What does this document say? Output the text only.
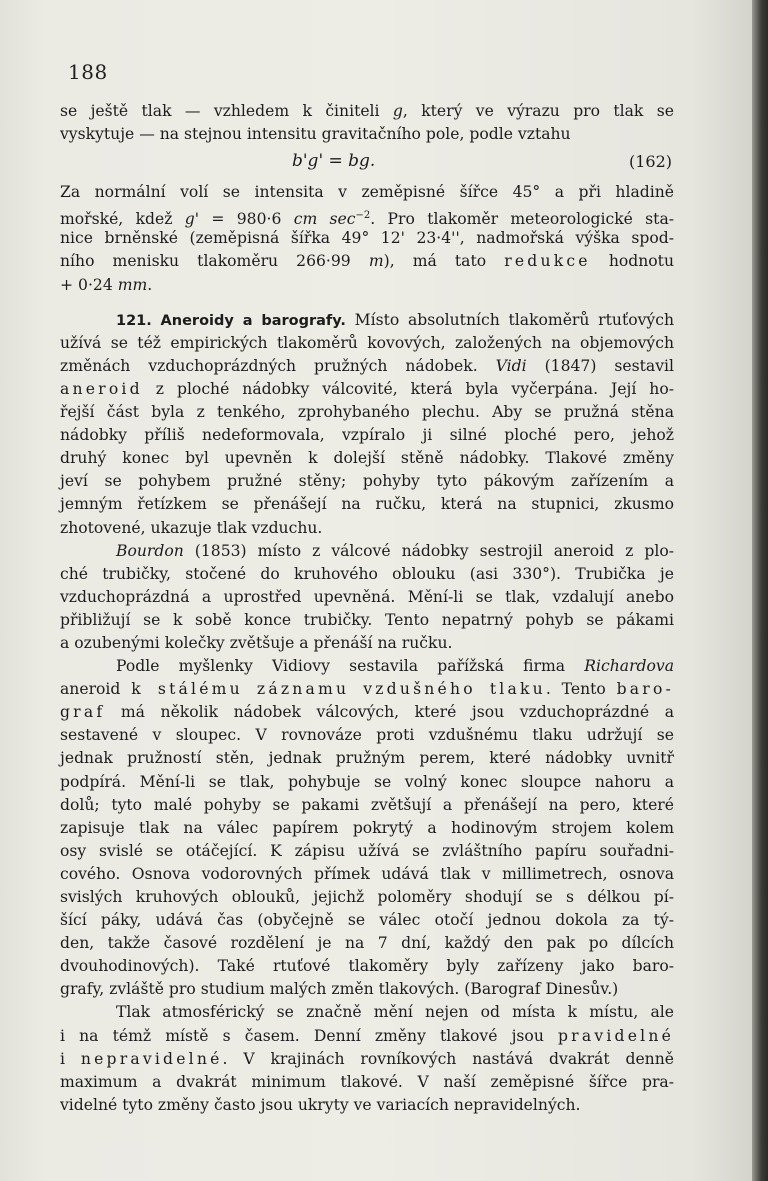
188
se ještě tlak — vzhledem k činiteli g, který ve výrazu pro tlak se
vyskytuje — na stejnou intensitu gravitačního pole, podle vztahu
b'g' = bg.	(162)
Za normální volí se intensita v zeměpisné šířce 45° a při hladině
mořské, kdež g' = 980·6 cm $\sec^{-2}$. Pro tlakoměr meteorologické sta-
nice brněnské (zeměpisná šířka 49° 12' 23·4'', nadmořská výška spod-
ního menisku tlakoměru 266·99 m), má tato redukce hodnotu
+ 0·24 mm.
121. Aneroidy a barografy. Místo absolutních tlakoměrů rtuťových
užívá se též empirických tlakoměrů kovových, založených na objemových
změnách vzduchoprázdných pružných nádobek. Vidi (1847) sestavil
aneroid z ploché nádobky válcovité, která byla vyčerpána. Její ho-
řejší část byla z tenkého, zprohybaného plechu. Aby se pružná stěna
nádobky příliš nedeformovala, vzpíralo ji silné ploché pero, jehož
druhý konec byl upevněn k dolejší stěně nádobky. Tlakové změny
jeví se pohybem pružné stěny; pohyby tyto pákovým zařízením a
jemným řetízkem se přenášejí na ručku, která na stupnici, zkusmo
zhotovené, ukazuje tlak vzduchu.
Bourdon (1853) místo z válcové nádobky sestrojil aneroid z plo-
ché trubičky, stočené do kruhového oblouku (asi 330°). Trubička je
vzduchoprázdná a uprostřed upevněná. Mění-li se tlak, vzdalují anebo
přibližují se k sobě konce trubičky. Tento nepatrný pohyb se pákami
a ozubenými kolečky zvětšuje a přenáší na ručku.
Podle myšlenky Vidiovy sestavila pařížská firma Richardova
aneroid k stálému záznamu vzdušného tlaku. Tento baro-
graf má několik nádobek válcových, které jsou vzduchoprázdné a
sestavené v sloupec. V rovnováze proti vzdušnému tlaku udržují se
jednak pružností stěn, jednak pružným perem, které nádobky uvnitř
podpírá. Mění-li se tlak, pohybuje se volný konec sloupce nahoru a
dolů; tyto malé pohyby se pakami zvětšují a přenášejí na pero, které
zapisuje tlak na válec papírem pokrytý a hodinovým strojem kolem
osy svislé se otáčející. K zápisu užívá se zvláštního papíru souřadni-
cového. Osnova vodorovných přímek udává tlak v millimetrech, osnova
svislých kruhových oblouků, jejichž poloměry shodují se s délkou pí-
šící páky, udává čas (obyčejně se válec otočí jednou dokola za tý-
den, takže časové rozdělení je na 7 dní, každý den pak po dílcích
dvouhodinových). Také rtuťové tlakoměry byly zařízeny jako baro-
grafy, zvláště pro studium malých změn tlakových. (Barograf Dinesův.)
Tlak atmosférický se značně mění nejen od místa k místu, ale
i na témž místě s časem. Denní změny tlakové jsou pravidelné
i nepravidelné. V krajinách rovníkových nastává dvakrát denně
maximum a dvakrát minimum tlakové. V naší zeměpisné šířce pra-
videlné tyto změny často jsou ukryty ve variacích nepravidelných.
